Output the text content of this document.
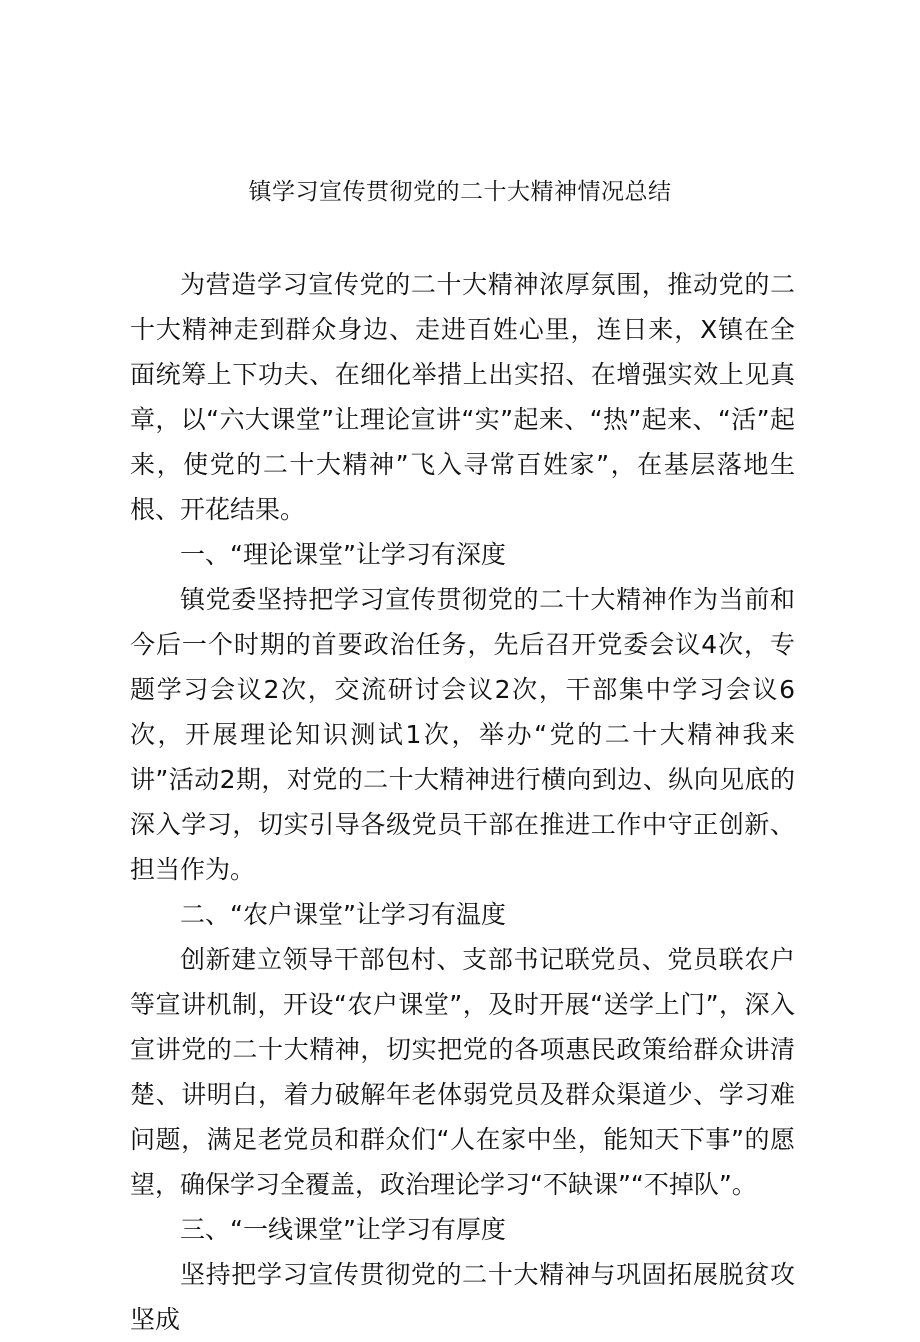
镇学习宣传贯彻党的二十大精神情况总结

为营造学习宣传党的二十大精神浓厚氛围，推动党的二十大精神走到群众身边、走进百姓心里，连日来，X镇在全面统筹上下功夫、在细化举措上出实招、在增强实效上见真章，以“六大课堂”让理论宣讲“实”起来、“热”起来、“活”起来，使党的二十大精神”飞入寻常百姓家”，在基层落地生根、开花结果。

一、“理论课堂”让学习有深度

镇党委坚持把学习宣传贯彻党的二十大精神作为当前和今后一个时期的首要政治任务，先后召开党委会议4次，专题学习会议2次，交流研讨会议2次，干部集中学习会议6次，开展理论知识测试1次，举办“党的二十大精神我来讲”活动2期，对党的二十大精神进行横向到边、纵向见底的深入学习，切实引导各级党员干部在推进工作中守正创新、担当作为。

二、“农户课堂”让学习有温度

创新建立领导干部包村、支部书记联党员、党员联农户等宣讲机制，开设“农户课堂”，及时开展“送学上门”，深入宣讲党的二十大精神，切实把党的各项惠民政策给群众讲清楚、讲明白，着力破解年老体弱党员及群众渠道少、学习难问题，满足老党员和群众们“人在家中坐，能知天下事”的愿望，确保学习全覆盖，政治理论学习“不缺课”“不掉队”。

三、“一线课堂”让学习有厚度

坚持把学习宣传贯彻党的二十大精神与巩固拓展脱贫攻坚成
